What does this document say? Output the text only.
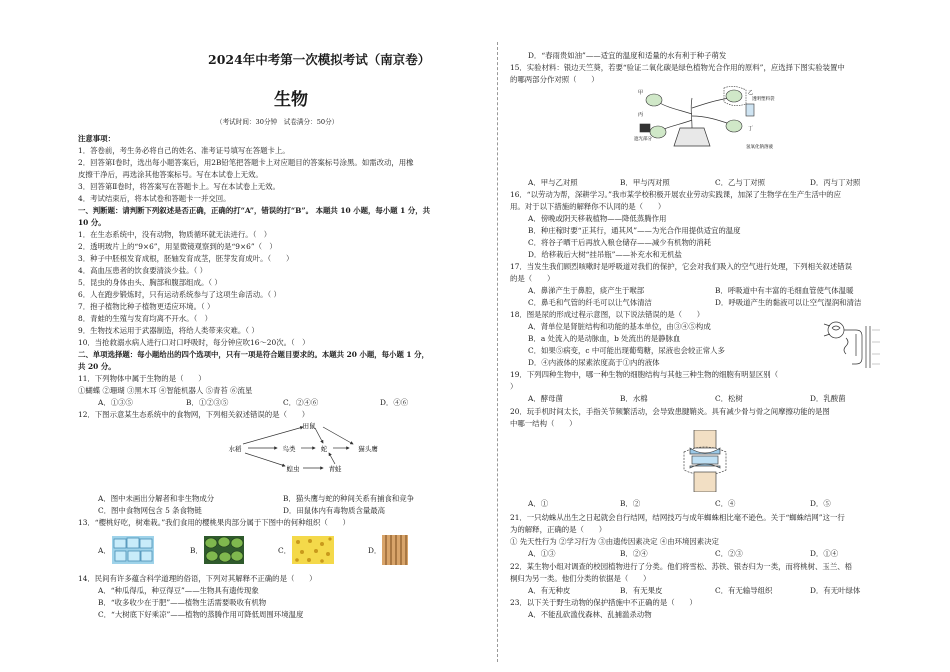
2024年中考第一次模拟考试（南京卷）
生物
（考试时间：30分钟　试卷满分：50分）
注意事项：
1．答卷前，考生务必将自己的姓名、准考证号填写在答题卡上。
2．回答第Ⅰ卷时，选出每小题答案后，用2B铅笔把答题卡上对应题目的答案标号涂黑。如需改动，用橡
皮擦干净后，再选涂其他答案标号。写在本试卷上无效。
3．回答第Ⅱ卷时，将答案写在答题卡上。写在本试卷上无效。
4．考试结束后，将本试卷和答题卡一并交回。
一、判断题：请判断下列叙述是否正确，正确的打“A”，错误的打“B”。 本题共 10 小题，每小题 1 分，共
10 分。
1．在生态系统中，没有动物，物质循环就无法进行。（　）
2．透明玻片上的“9×6”，用显微镜观察到的是“9×6”（　）
3．种子中胚根发育成根，胚轴发育成茎，胚芽发育成叶。（　　）
4．高血压患者的饮食要清淡少盐。（ ）
5．昆虫的身体由头、胸部和腹部组成。（ ）
6．人在跑步锻炼时，只有运动系统参与了这项生命活动。（ ）
7．抱子植物比种子植物更适应环境。（ ）
8．青蛙的生殖与发育均离不开水。（　）
9．生物技术运用于武器制造，将给人类带来灾难。（ ）
10．当抢救溺水病人进行口对口呼吸时，每分钟应吹16～20次。（　）
二、单项选择题：每小题给出的四个选项中，只有一项是符合题目要求的。本题共 20 小题，每小题 1 分，
共 20 分。
11．下列物体中属于生物的是（　　）
①蝴蝶 ②珊瑚 ③黑木耳 ④智能机器人 ⑤青苔 ⑥流星
A．①③⑤	B．①②③⑤	C．②④⑥	D．④⑥
12．下图示意某生态系统中的食物网，下列相关叙述错误的是（　　）
田鼠
水稻	鸟类	蛇	猫头鹰
蝗虫	青蛙
A．图中未画出分解者和非生物成分	B．猫头鹰与蛇的种间关系有捕食和竞争
C．图中食物网包含 5 条食物链	D．田鼠体内有毒物质含量最高
13．“樱桃好吃，树难栽。”我们食用的樱桃果肉部分属于下图中的何种组织（　　）
A．	B．	C．	D．
14．民间有许多蕴含科学道理的俗语，下列对其解释不正确的是（　　）
A．“种瓜得瓜，种豆得豆”——生物具有遗传现象
B．“收多收少在于肥”——植物生活需要吸收有机物
C．“大树底下好乘凉”——植物的蒸腾作用可降低周围环境温度
D．“春雨贵如油”——适宜的温度和适量的水有利于种子萌发
15．实验材料：银边天竺葵，若要“验证二氧化碳是绿色植物光合作用的原料”，应选择下图实验装置中
的哪两部分作对照（　　）
甲	乙
丙
丁
透明塑料袋
遮光部分
氢氧化钠溶液
A．甲与乙对照	B．甲与丙对照	C．乙与丁对照	D．丙与丁对照
16．“以劳动为帮，深耕学习。”我市某学校积极开展农业劳动实践课，加深了生物学在生产生活中的应
用。对于以下措施的解释你不认同的是（　　）
A．傍晚或阴天移栽植物——降低蒸腾作用
B．种庄稼时要“正其行，通其风”——为光合作用提供适宜的温度
C．将谷子晒干后再放入粮仓储存——减少有机物的消耗
D．给移栽后大树“挂吊瓶”——补充水和无机盐
17．当发生我们顾烈咳嗽时是呼吸道对我们的保护，它会对我们吸入的空气进行处理，下列相关叙述错误
的是（　　）
A．鼻涕产生于鼻腔，痰产生于喉部	B．呼吸道中有丰富的毛细血管使气体温暖
C．鼻毛和气管的纤毛可以让气体清洁	D．呼吸道产生的黏液可以让空气湿润和清洁
18．图是尿的形成过程示意图，以下说法错误的是（　　）
A．肾单位是肾脏结构和功能的基本单位，由③④⑤构成
B．a 处流入的是动脉血，b 处流出的是静脉血
C．如果⑤病变，c 中可能出现葡萄糖，尿液也会较正常人多
D．④内液体的尿素浓度高于①内的液体
19．下列四种生物中，哪一种生物的细胞结构与其他三种生物的细胞有明显区别（
）
A．酵母菌	B．水棉	C．松树	D．乳酸菌
20．玩手机时间太长，手指关节频繁活动，会导致患腱鞘炎。具有减少骨与骨之间摩擦功能的是图
中哪一结构（　　）
A．①	B．②	C．④	D．⑤
21．一只幼蛛从出生之日起就会自行结网，结网技巧与成年蜘蛛相比毫不逊色。关于“蜘蛛结网”这一行
为的解释，正确的是（　　）
① 先天性行为 ②学习行为 ③由遗传因素决定 ④由环境因素决定
A．①③	B．②④	C．②③	D．①④
22．某生物小组对调查的校园植物进行了分类。他们将雪松、苏铁、银杏归为一类，而将桃树、玉兰、梧
桐归为另一类。他们分类的依据是（　　）
A．有无种皮	B．有无果皮	C．有无输导组织	D．有无叶绿体
23．以下关于野生动物的保护措施中不正确的是（　　）
A．不能乱砍滥伐森林、乱捕滥杀动物
